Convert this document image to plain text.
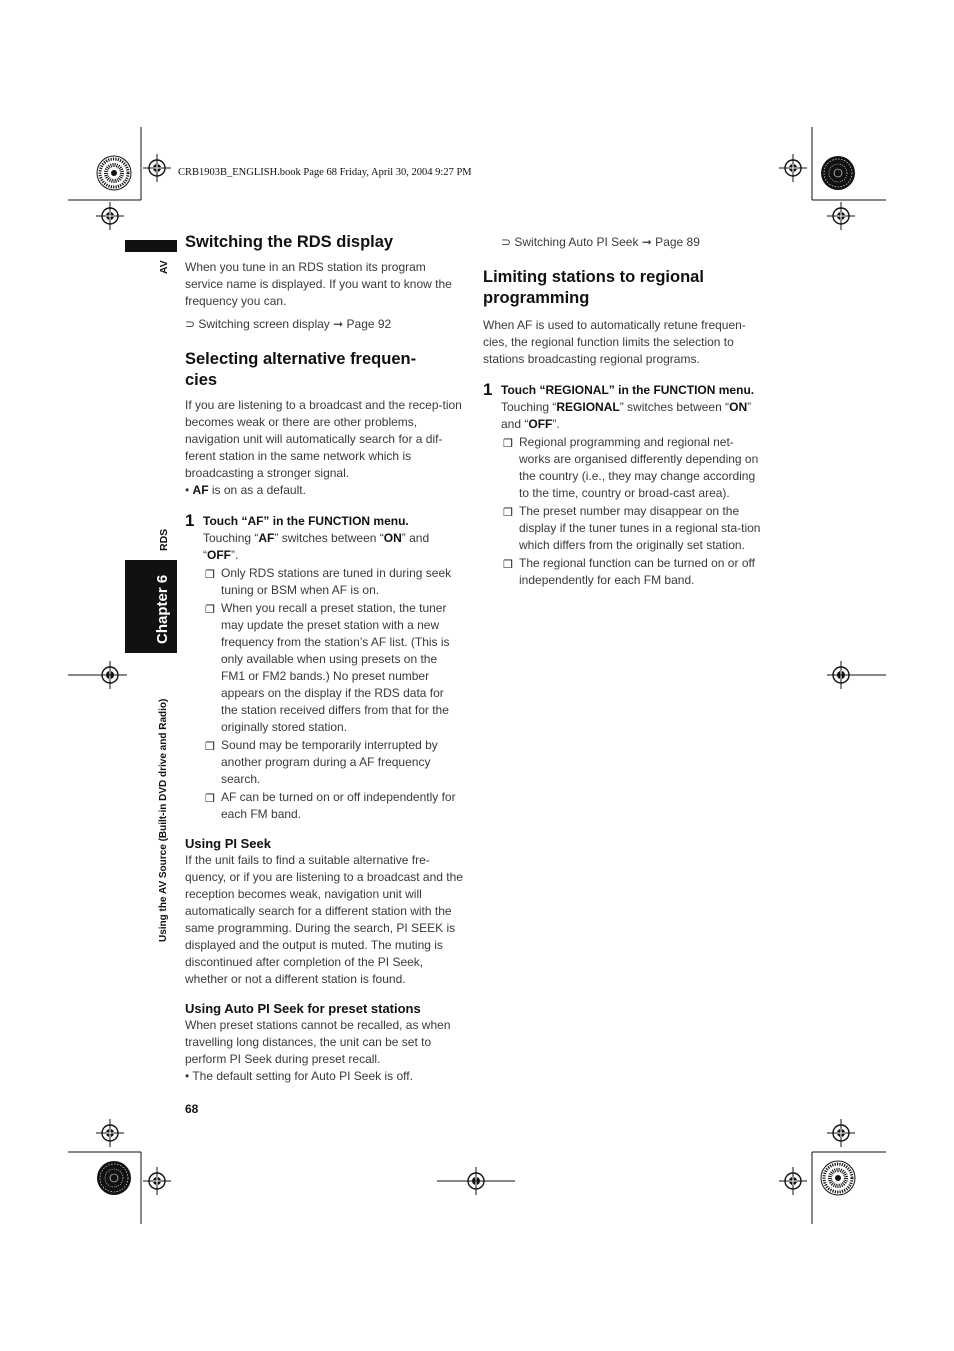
CRB1903B_ENGLISH.book Page 68 Friday, April 30, 2004 9:27 PM
AV
RDS
Chapter 6
Using the AV Source (Built-in DVD drive and Radio)
Switching the RDS display

When you tune in an RDS station its program service name is displayed. If you want to know the frequency you can.

⊃ Switching screen display ➞ Page 92
Selecting alternative frequen-
cies

If you are listening to a broadcast and the recep-tion becomes weak or there are other problems, navigation unit will automatically search for a dif-ferent station in the same network which is broadcasting a stronger signal.

• AF is on as a default.
1 Touch “AF” in the FUNCTION menu.
Touching “AF” switches between “ON” and “OFF”.
❐ Only RDS stations are tuned in during seek tuning or BSM when AF is on.
❐ When you recall a preset station, the tuner may update the preset station with a new frequency from the station’s AF list. (This is only available when using presets on the FM1 or FM2 bands.) No preset number appears on the display if the RDS data for the station received differs from that for the originally stored station.
❐ Sound may be temporarily interrupted by another program during a AF frequency search.
❐ AF can be turned on or off independently for each FM band.
Using PI Seek

If the unit fails to find a suitable alternative fre-quency, or if you are listening to a broadcast and the reception becomes weak, navigation unit will automatically search for a different station with the same programming. During the search, PI SEEK is displayed and the output is muted. The muting is discontinued after completion of the PI Seek, whether or not a different station is found.

Using Auto PI Seek for preset stations

When preset stations cannot be recalled, as when travelling long distances, the unit can be set to perform PI Seek during preset recall.

• The default setting for Auto PI Seek is off.
⊃ Switching Auto PI Seek ➞ Page 89
Limiting stations to regional
programming

When AF is used to automatically retune frequen-cies, the regional function limits the selection to stations broadcasting regional programs.

1 Touch “REGIONAL” in the FUNCTION menu.
Touching “REGIONAL” switches between “ON” and “OFF”.
❐ Regional programming and regional net-works are organised differently depending on the country (i.e., they may change according to the time, country or broad-cast area).
❐ The preset number may disappear on the display if the tuner tunes in a regional sta-tion which differs from the originally set station.
❐ The regional function can be turned on or off independently for each FM band.
68
